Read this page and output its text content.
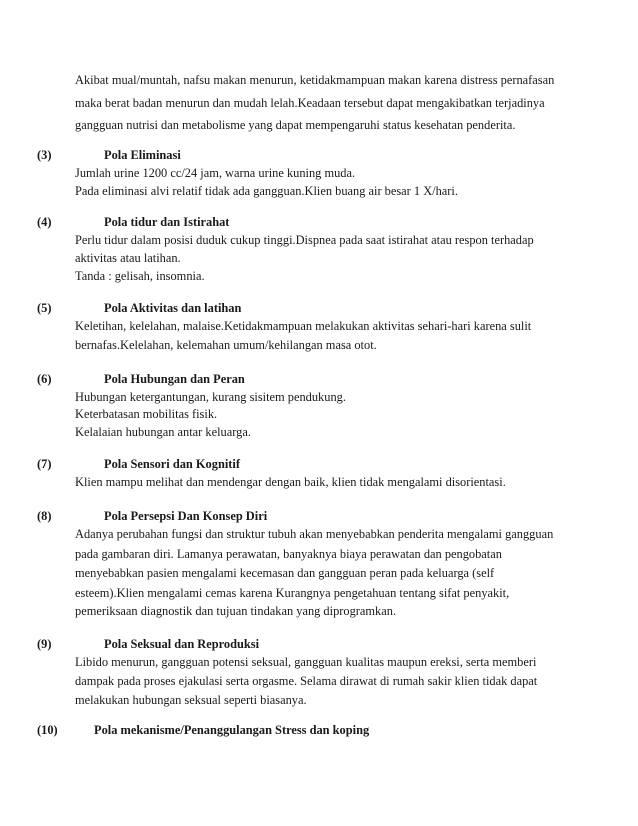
Akibat mual/muntah, nafsu makan menurun, ketidakmampuan makan karena distress pernafasan
maka berat badan menurun dan mudah lelah.Keadaan tersebut dapat mengakibatkan terjadinya
gangguan nutrisi dan metabolisme yang dapat mempengaruhi status kesehatan penderita.
(3)	Pola Eliminasi
Jumlah urine 1200 cc/24 jam, warna urine kuning muda.
Pada eliminasi alvi relatif tidak ada gangguan.Klien buang air besar 1 X/hari.
(4)	Pola tidur dan Istirahat
Perlu tidur dalam posisi duduk cukup tinggi.Dispnea pada saat istirahat atau respon terhadap
aktivitas atau latihan.
Tanda : gelisah, insomnia.
(5)	Pola Aktivitas dan latihan
Keletihan, kelelahan, malaise.Ketidakmampuan melakukan aktivitas sehari-hari karena sulit
bernafas.Kelelahan, kelemahan umum/kehilangan masa otot.
(6)	Pola Hubungan dan Peran
Hubungan ketergantungan, kurang sisitem pendukung.
Keterbatasan mobilitas fisik.
Kelalaian hubungan antar keluarga.
(7)	Pola Sensori dan Kognitif
Klien mampu melihat dan mendengar dengan baik, klien tidak mengalami disorientasi.
(8)	Pola Persepsi Dan Konsep Diri
Adanya perubahan fungsi dan struktur tubuh akan menyebabkan penderita mengalami gangguan
pada gambaran diri. Lamanya perawatan, banyaknya biaya perawatan dan pengobatan
menyebabkan pasien mengalami kecemasan dan gangguan peran pada keluarga (self
esteem).Klien mengalami cemas karena Kurangnya pengetahuan tentang sifat penyakit,
pemeriksaan diagnostik dan tujuan tindakan yang diprogramkan.
(9)	Pola Seksual dan Reproduksi
Libido menurun, gangguan potensi seksual, gangguan kualitas maupun ereksi, serta memberi
dampak pada proses ejakulasi serta orgasme. Selama dirawat di rumah sakir klien tidak dapat
melakukan hubungan seksual seperti biasanya.
(10)	Pola mekanisme/Penanggulangan Stress dan koping
